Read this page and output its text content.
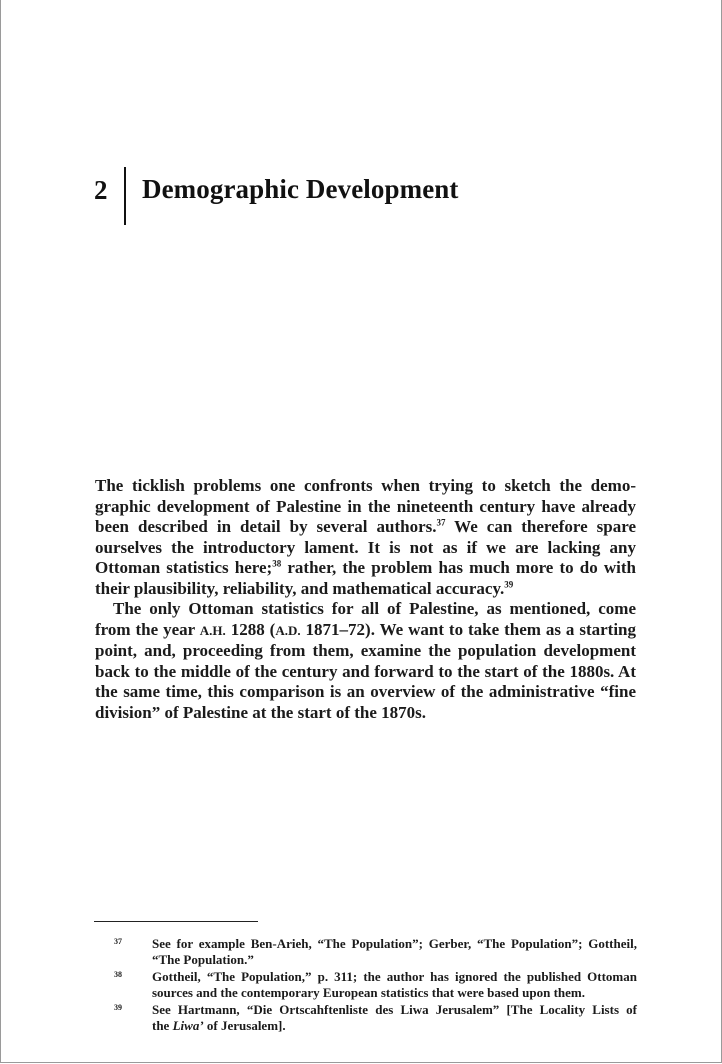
2	Demographic Development

The ticklish problems one confronts when trying to sketch the demo-
graphic development of Palestine in the nineteenth century have already
been described in detail by several authors.$^{37}$ We can therefore spare
ourselves the introductory lament. It is not as if we are lacking any
Ottoman statistics here;$^{38}$ rather, the problem has much more to do with
their plausibility, reliability, and mathematical accuracy.$^{39}$

The only Ottoman statistics for all of Palestine, as mentioned, come
from the year A.H. 1288 (A.D. 1871–72). We want to take them as a starting
point, and, proceeding from them, examine the population development
back to the middle of the century and forward to the start of the 1880s. At
the same time, this comparison is an overview of the administrative “fine
division” of Palestine at the start of the 1870s.

37	See for example Ben-Arieh, “The Population”; Gerber, “The Population”; Gottheil,
“The Population.”
38	Gottheil, “The Population,” p. 311; the author has ignored the published Ottoman
sources and the contemporary European statistics that were based upon them.
39	See Hartmann, “Die Ortscahftenliste des Liwa Jerusalem” [The Locality Lists of
the Liwa’ of Jerusalem].
